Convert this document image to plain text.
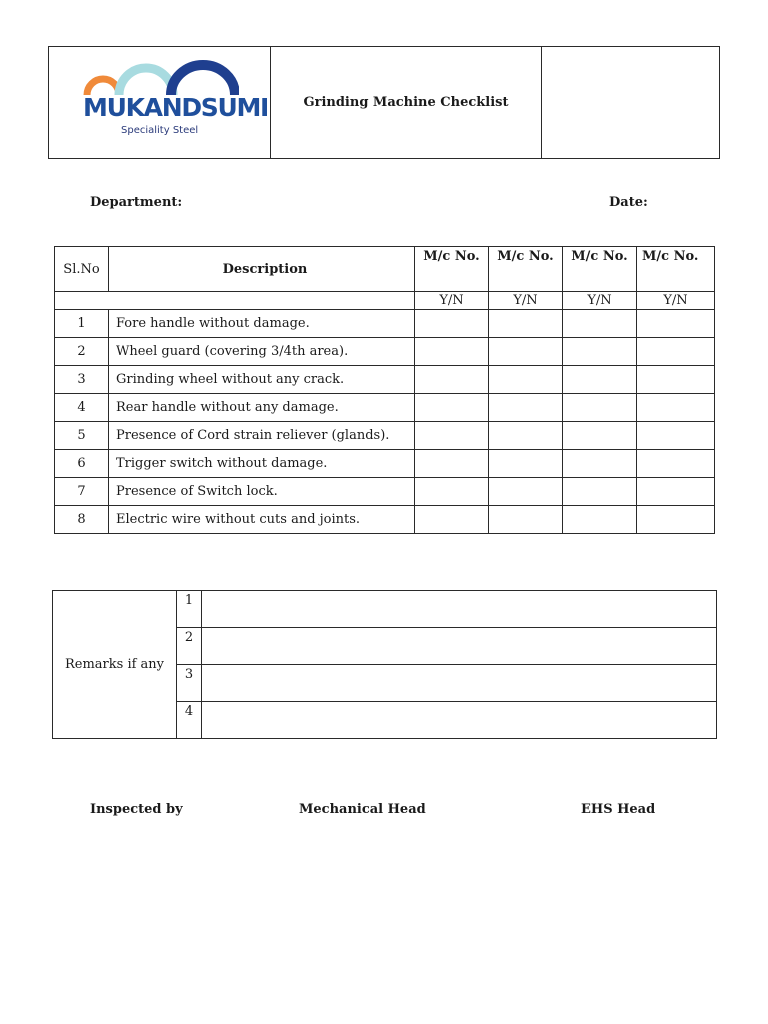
MUKANDSUMI
Speciality Steel
	Grinding Machine Checklist	
Department:	Date:
Sl.No	Description	M/c No.	M/c No.	M/c No.	M/c No.
		Y/N	Y/N	Y/N	Y/N
1	Fore handle without damage.				
2	Wheel guard (covering 3/4th area).				
3	Grinding wheel without any crack.				
4	Rear handle without any damage.				
5	Presence of Cord strain reliever (glands).				
6	Trigger switch without damage.				
7	Presence of Switch lock.				
8	Electric wire without cuts and joints.				
Remarks if any	1	
	2	
	3	
	4	
Inspected by	Mechanical Head	EHS Head
